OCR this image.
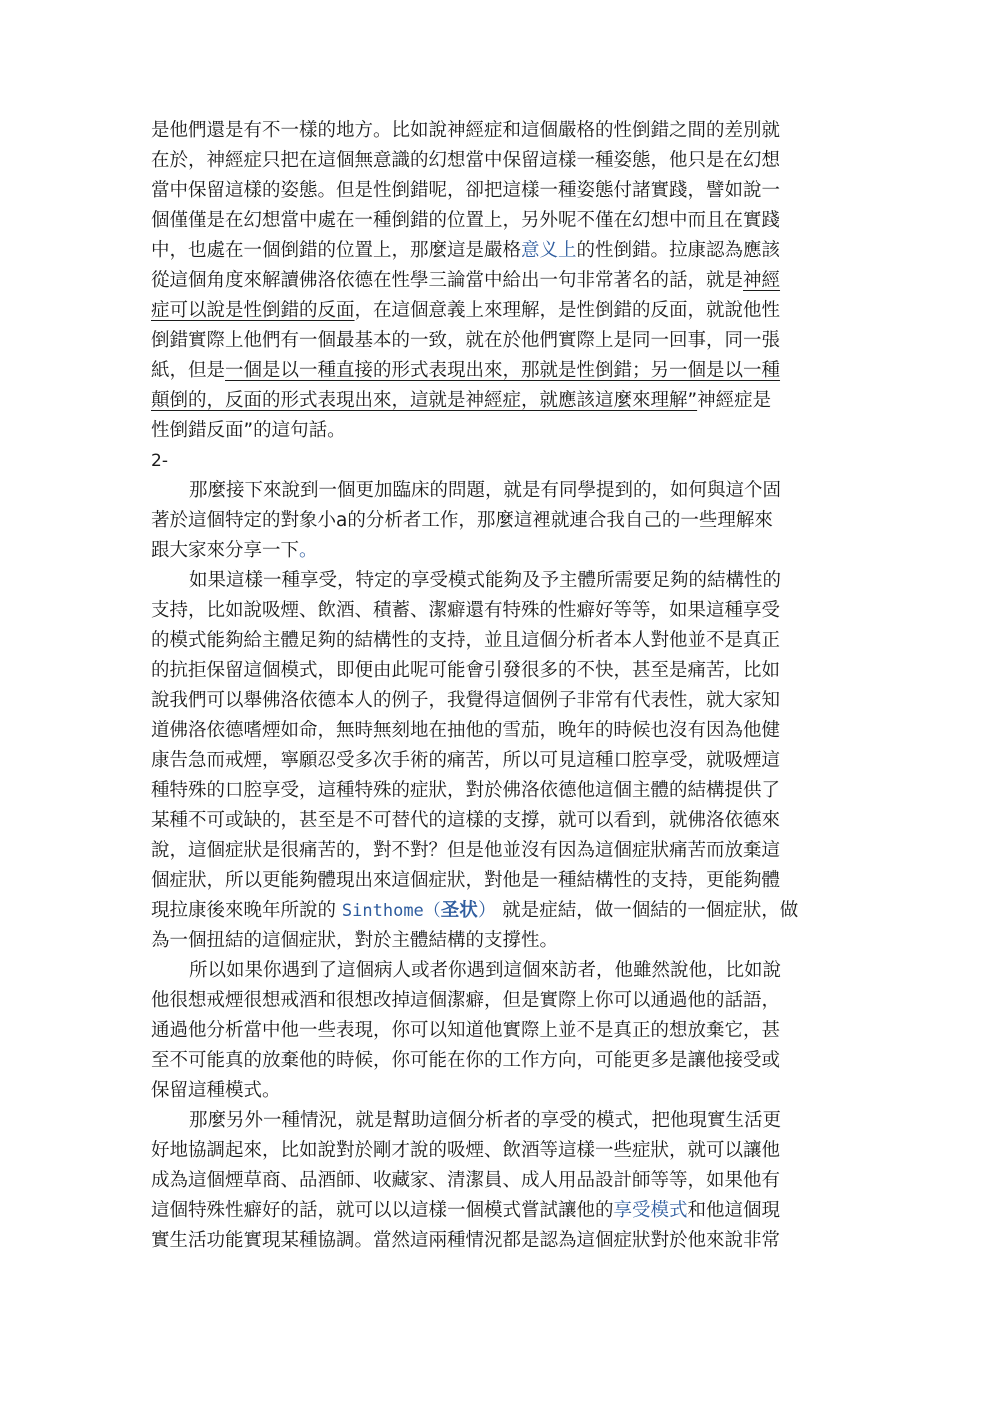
是他們還是有不一樣的地方。比如說神經症和這個嚴格的性倒錯之間的差別就
在於，神經症只把在這個無意識的幻想當中保留這樣一種姿態，他只是在幻想
當中保留這樣的姿態。但是性倒錯呢，卻把這樣一種姿態付諸實踐，譬如說一
個僅僅是在幻想當中處在一種倒錯的位置上，另外呢不僅在幻想中而且在實踐
中，也處在一個倒錯的位置上，那麼這是嚴格意义上的性倒錯。拉康認為應該
從這個角度來解讀佛洛依德在性學三論當中給出一句非常著名的話，就是神經
症可以說是性倒錯的反面，在這個意義上來理解，是性倒錯的反面，就說他性
倒錯實際上他們有一個最基本的一致，就在於他們實際上是同一回事，同一張
紙，但是一個是以一種直接的形式表現出來，那就是性倒錯；另一個是以一種
顛倒的，反面的形式表現出來，這就是神經症，就應該這麼來理解”神經症是
性倒錯反面”的這句話。
2-
那麼接下來說到一個更加臨床的問題，就是有同學提到的，如何與這个固
著於這個特定的對象小a的分析者工作，那麼這裡就連合我自己的一些理解來
跟大家來分享一下。
如果這樣一種享受，特定的享受模式能夠及予主體所需要足夠的結構性的
支持，比如說吸煙、飲酒、積蓄、潔癖還有特殊的性癖好等等，如果這種享受
的模式能夠給主體足夠的結構性的支持，並且這個分析者本人對他並不是真正
的抗拒保留這個模式，即便由此呢可能會引發很多的不快，甚至是痛苦，比如
說我們可以舉佛洛依德本人的例子，我覺得這個例子非常有代表性，就大家知
道佛洛依德嗜煙如命，無時無刻地在抽他的雪茄，晚年的時候也沒有因為他健
康告急而戒煙，寧願忍受多次手術的痛苦，所以可見這種口腔享受，就吸煙這
種特殊的口腔享受，這種特殊的症狀，對於佛洛依德他這個主體的結構提供了
某種不可或缺的，甚至是不可替代的這樣的支撐，就可以看到，就佛洛依德來
說，這個症狀是很痛苦的，對不對？但是他並沒有因為這個症狀痛苦而放棄這
個症狀，所以更能夠體現出來這個症狀，對他是一種結構性的支持，更能夠體
現拉康後來晚年所說的 Sinthome（圣状） 就是症結，做一個結的一個症狀，做
為一個扭結的這個症狀，對於主體結構的支撐性。
所以如果你遇到了這個病人或者你遇到這個來訪者，他雖然說他，比如說
他很想戒煙很想戒酒和很想改掉這個潔癖，但是實際上你可以通過他的話語，
通過他分析當中他一些表現，你可以知道他實際上並不是真正的想放棄它，甚
至不可能真的放棄他的時候，你可能在你的工作方向，可能更多是讓他接受或
保留這種模式。
那麼另外一種情況，就是幫助這個分析者的享受的模式，把他現實生活更
好地協調起來，比如說對於剛才說的吸煙、飲酒等這樣一些症狀，就可以讓他
成為這個煙草商、品酒師、收藏家、清潔員、成人用品設計師等等，如果他有
這個特殊性癖好的話，就可以以這樣一個模式嘗試讓他的享受模式和他這個現
實生活功能實現某種協調。當然這兩種情況都是認為這個症狀對於他來說非常
